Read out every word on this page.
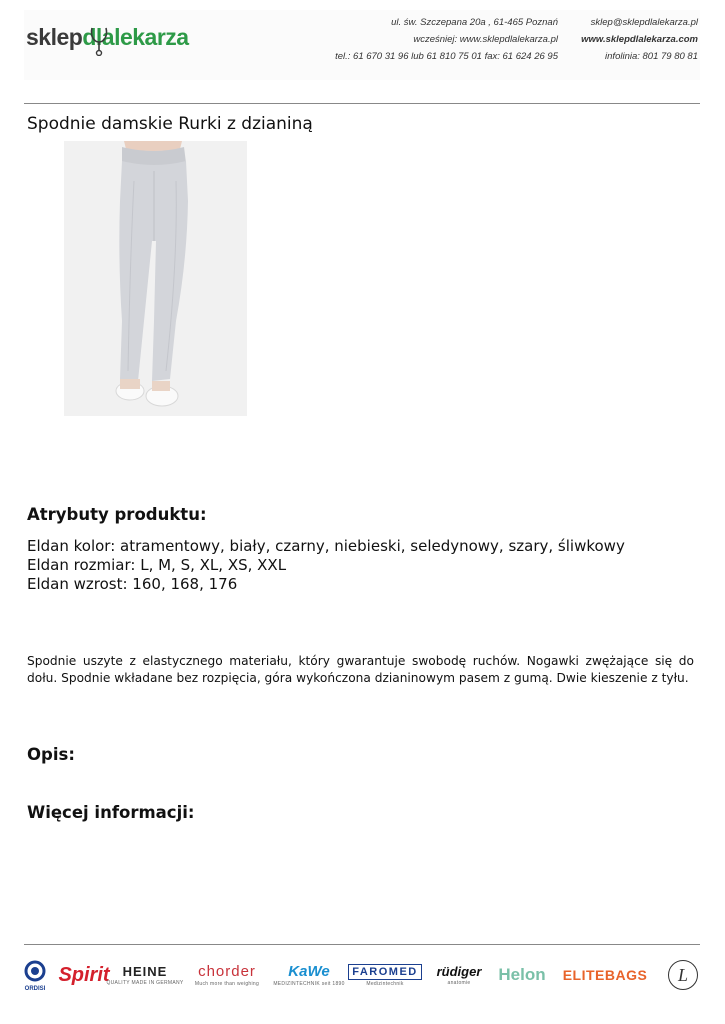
sklepdlalekarza
ul. św. Szczepana 20a , 61-465 Poznań
wcześniej: www.sklepdlalekarza.pl
tel.: 61 670 31 96 lub 61 810 75 01 fax: 61 624 26 95
sklep@sklepdlalekarza.pl
www.sklepdlalekarza.com
infolinia: 801 79 80 81
Spodnie damskie Rurki z dzianiną
Atrybuty produktu:
Eldan kolor: atramentowy, biały, czarny, niebieski, seledynowy, szary, śliwkowy
Eldan rozmiar: L, M, S, XL, XS, XXL
Eldan wzrost: 160, 168, 176

Spodnie uszyte z elastycznego materiału, który gwarantuje swobodę ruchów. Nogawki zwężające się do dołu. Spodnie wkładane bez rozpięcia, góra wykończona dzianinowym pasem z gumą. Dwie kieszenie z tyłu.

Opis:
Więcej informacji:
ORDISI
Spirit HEINE
QUALITY MADE IN GERMANY
chorder
Much more than weighing
KaWe
MEDIZINTECHNIK seit 1890
FAROMED
Medizintechnik
rüdiger
anatomie Helon ELITEBAGS L
